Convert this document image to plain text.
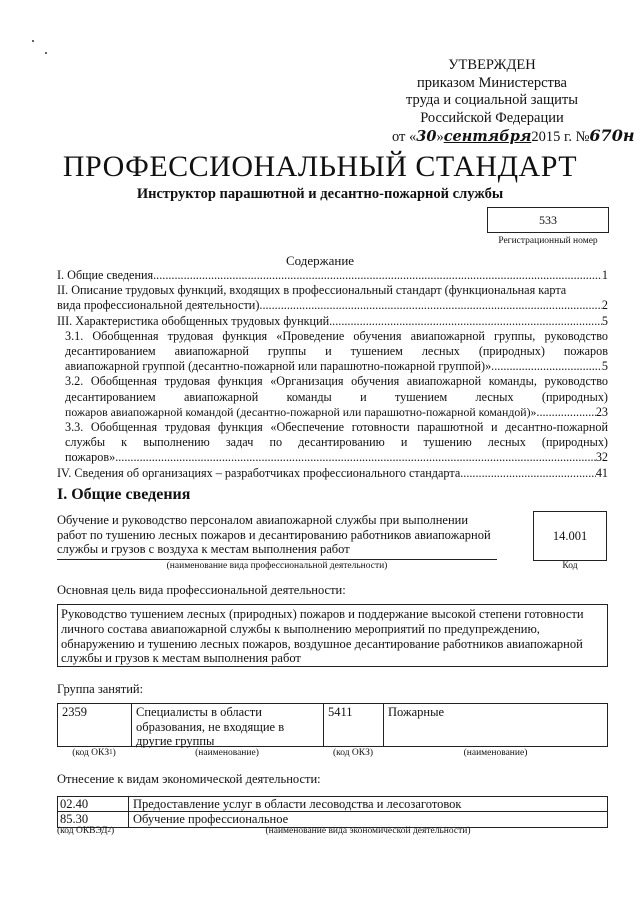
УТВЕРЖДЕН
приказом Министерства
труда и социальной защиты
Российской Федерации
от «30»сентября2015 г. №670н
ПРОФЕССИОНАЛЬНЫЙ СТАНДАРТ
Инструктор парашютной и десантно-пожарной службы
533
Регистрационный номер
Содержание
I. Общие сведения .....	1
II. Описание трудовых функций, входящих в профессиональный стандарт (функциональная карта
вида профессиональной деятельности) .....	2
III. Характеристика обобщенных трудовых функций .....	5
3.1. Обобщенная трудовая функция «Проведение обучения авиапожарной группы, руководство десантированием авиапожарной группы и тушением лесных (природных) пожаров
авиапожарной группой (десантно-пожарной или парашютно-пожарной группой)» .....	5
3.2. Обобщенная трудовая функция «Организация обучения авиапожарной команды, руководство десантированием авиапожарной команды и тушением лесных (природных)
пожаров авиапожарной командой (десантно-пожарной или парашютно-пожарной командой)» .....	23
3.3. Обобщенная трудовая функция «Обеспечение готовности парашютной и десантно-пожарной службы к выполнению задач по десантированию и тушению лесных (природных)
пожаров» .....	32
IV. Сведения об организациях – разработчиках профессионального стандарта .....	41
I. Общие сведения
Обучение и руководство персоналом авиапожарной службы при выполнении работ по тушению лесных пожаров и десантированию работников авиапожарной службы и грузов с воздуха к местам выполнения работ
14.001
(наименование вида профессиональной деятельности)	Код
Основная цель вида профессиональной деятельности:
Руководство тушением лесных (природных) пожаров и поддержание высокой степени готовности личного состава авиапожарной службы к выполнению мероприятий по предупреждению, обнаружению и тушению лесных пожаров, воздушное десантирование работников авиапожарной службы и грузов к местам выполнения работ
Группа занятий:
2359	Специалисты в области образования, не входящие в другие группы
5411	Пожарные
(код ОКЗ$^1$)	(наименование)	(код ОКЗ)	(наименование)
Отнесение к видам экономической деятельности:
02.40	Предоставление услуг в области лесоводства и лесозаготовок
85.30	Обучение профессиональное
(код ОКВЭД$^2$)	(наименование вида экономической деятельности)
